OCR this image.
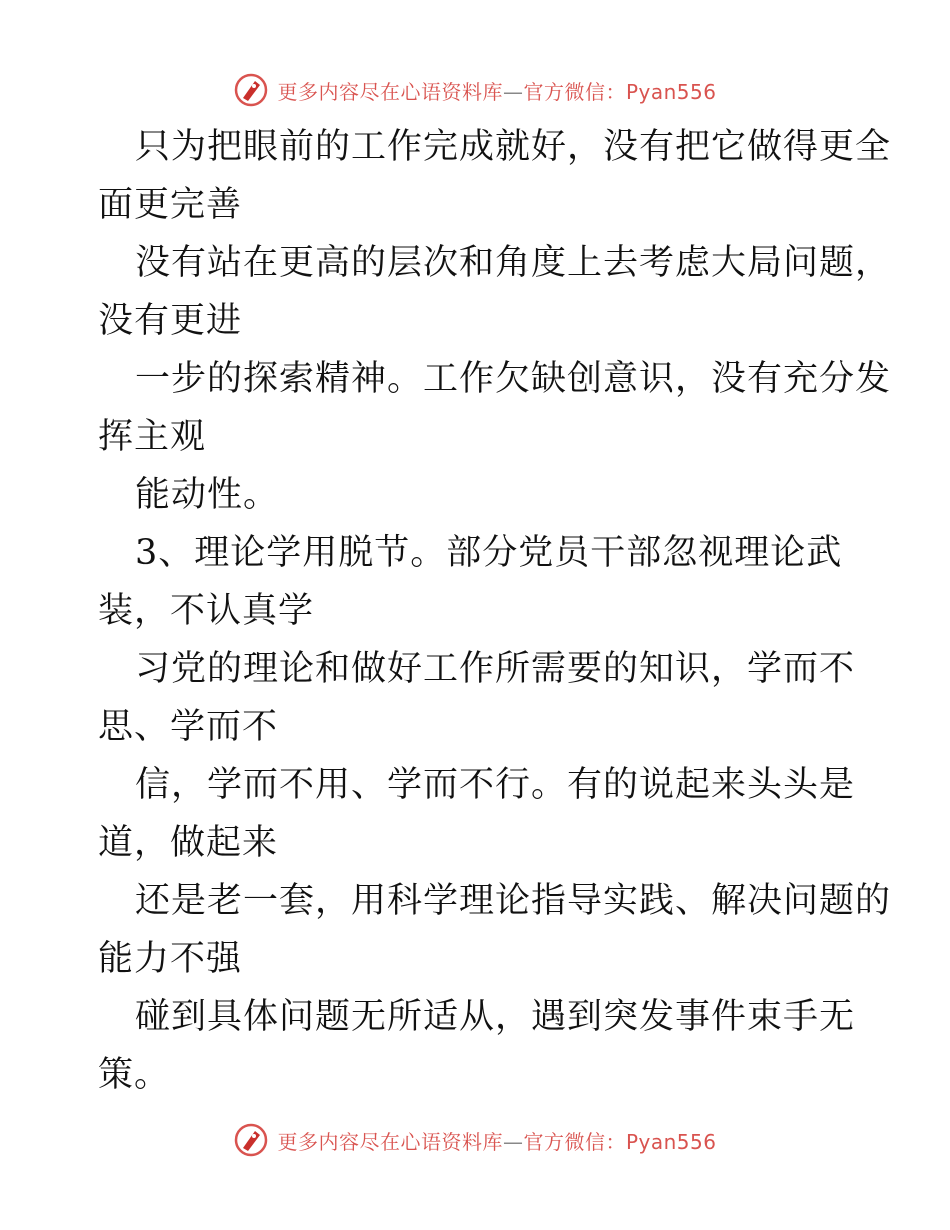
更多内容尽在心语资料库—官方微信：Pyan556
只为把眼前的工作完成就好，没有把它做得更全
面更完善
没有站在更高的层次和角度上去考虑大局问题，
没有更进
一步的探索精神。工作欠缺创意识，没有充分发
挥主观
能动性。
3、理论学用脱节。部分党员干部忽视理论武
装，不认真学
习党的理论和做好工作所需要的知识，学而不
思、学而不
信，学而不用、学而不行。有的说起来头头是
道，做起来
还是老一套，用科学理论指导实践、解决问题的
能力不强
碰到具体问题无所适从，遇到突发事件束手无
策。
更多内容尽在心语资料库—官方微信：Pyan556
